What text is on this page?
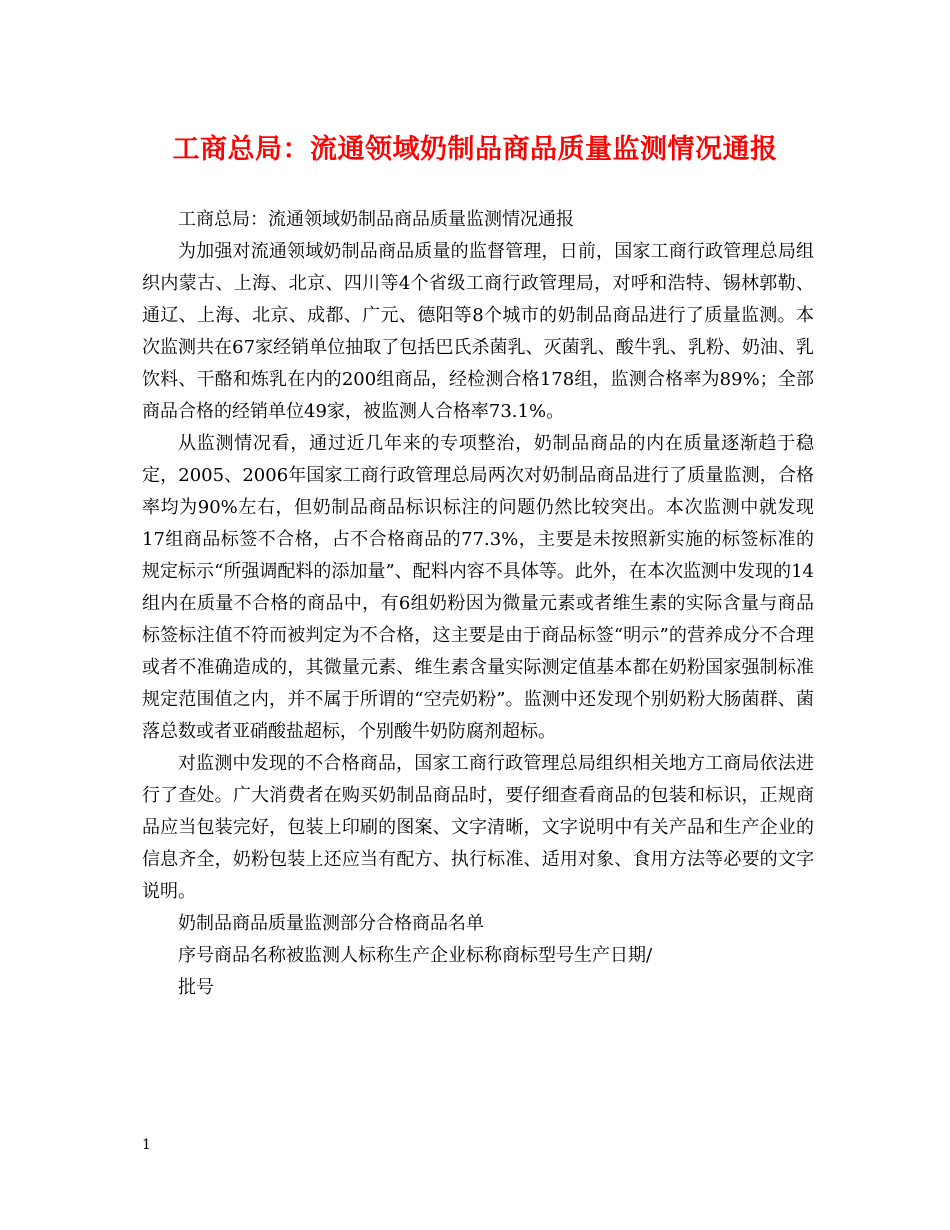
工商总局：流通领域奶制品商品质量监测情况通报

工商总局：流通领域奶制品商品质量监测情况通报

为加强对流通领域奶制品商品质量的监督管理，日前，国家工商行政管理总局组织内蒙古、上海、北京、四川等4个省级工商行政管理局，对呼和浩特、锡林郭勒、通辽、上海、北京、成都、广元、德阳等8个城市的奶制品商品进行了质量监测。本次监测共在67家经销单位抽取了包括巴氏杀菌乳、灭菌乳、酸牛乳、乳粉、奶油、乳饮料、干酪和炼乳在内的200组商品，经检测合格178组，监测合格率为89%；全部商品合格的经销单位49家，被监测人合格率73.1%。

从监测情况看，通过近几年来的专项整治，奶制品商品的内在质量逐渐趋于稳定，2005、2006年国家工商行政管理总局两次对奶制品商品进行了质量监测，合格率均为90%左右，但奶制品商品标识标注的问题仍然比较突出。本次监测中就发现17组商品标签不合格，占不合格商品的77.3%，主要是未按照新实施的标签标准的规定标示“所强调配料的添加量”、配料内容不具体等。此外，在本次监测中发现的14组内在质量不合格的商品中，有6组奶粉因为微量元素或者维生素的实际含量与商品标签标注值不符而被判定为不合格，这主要是由于商品标签“明示”的营养成分不合理或者不准确造成的，其微量元素、维生素含量实际测定值基本都在奶粉国家强制标准规定范围值之内，并不属于所谓的“空壳奶粉”。监测中还发现个别奶粉大肠菌群、菌落总数或者亚硝酸盐超标，个别酸牛奶防腐剂超标。

对监测中发现的不合格商品，国家工商行政管理总局组织相关地方工商局依法进行了查处。广大消费者在购买奶制品商品时，要仔细查看商品的包装和标识，正规商品应当包装完好，包装上印刷的图案、文字清晰，文字说明中有关产品和生产企业的信息齐全，奶粉包装上还应当有配方、执行标准、适用对象、食用方法等必要的文字说明。

奶制品商品质量监测部分合格商品名单

序号商品名称被监测人标称生产企业标称商标型号生产日期/

批号

1
